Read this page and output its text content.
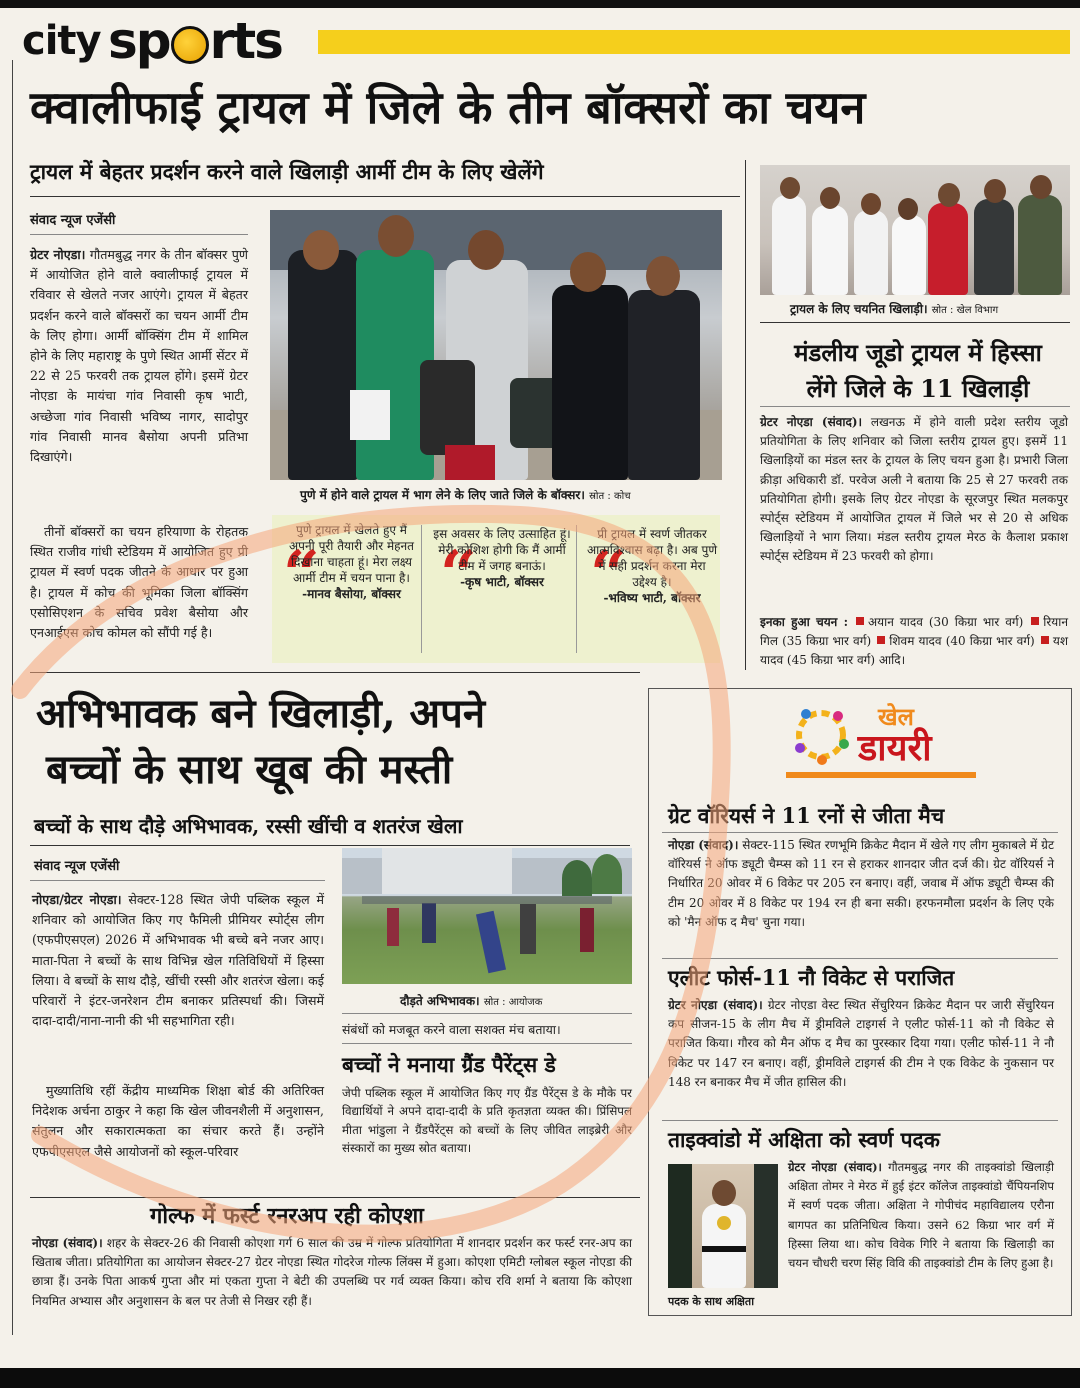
city sp rts
क्वालीफाई ट्रायल में जिले के तीन बॉक्सरों का चयन
ट्रायल में बेहतर प्रदर्शन करने वाले खिलाड़ी आर्मी टीम के लिए खेलेंगे
संवाद न्यूज एजेंसी
ग्रेटर नोएडा। गौतमबुद्ध नगर के तीन बॉक्सर पुणे में आयोजित होने वाले क्वालीफाई ट्रायल में रविवार से खेलते नजर आएंगे। ट्रायल में बेहतर प्रदर्शन करने वाले बॉक्सरों का चयन आर्मी टीम के लिए होगा। आर्मी बॉक्सिंग टीम में शामिल होने के लिए महाराष्ट्र के पुणे स्थित आर्मी सेंटर में 22 से 25 फरवरी तक ट्रायल होंगे। इसमें ग्रेटर नोएडा के मायंचा गांव निवासी कृष भाटी, अच्छेजा गांव निवासी भविष्य नागर, सादोपुर गांव निवासी मानव बैसोया अपनी प्रतिभा दिखाएंगे।
तीनों बॉक्सरों का चयन हरियाणा के रोहतक स्थित राजीव गांधी स्टेडियम में आयोजित हुए प्री ट्रायल में स्वर्ण पदक जीतने के आधार पर हुआ है। ट्रायल में कोच की भूमिका जिला बॉक्सिंग एसोसिएशन के सचिव प्रवेश बैसोया और एनआईएस कोच कोमल को सौंपी गई है।
पुणे में होने वाले ट्रायल में भाग लेने के लिए जाते जिले के बॉक्सर। स्रोत : कोच
“
पुणे ट्रायल में खेलते हुए मैं अपनी पूरी तैयारी और मेहनत दिखाना चाहता हूं। मेरा लक्ष्य आर्मी टीम में चयन पाना है। -मानव बैसोया, बॉक्सर “
इस अवसर के लिए उत्साहित हूं। मेरी कोशिश होगी कि मैं आर्मी टीम में जगह बनाऊं।
-कृष भाटी, बॉक्सर “
प्री ट्रायल में स्वर्ण जीतकर आत्मविश्वास बढ़ा है। अब पुणे में सही प्रदर्शन करना मेरा उद्देश्य है।
-भविष्य भाटी, बॉक्सर
ट्रायल के लिए चयनित खिलाड़ी। स्रोत : खेल विभाग
मंडलीय जूडो ट्रायल में हिस्सा
लेंगे जिले के 11 खिलाड़ी
ग्रेटर नोएडा (संवाद)। लखनऊ में होने वाली प्रदेश स्तरीय जूडो प्रतियोगिता के लिए शनिवार को जिला स्तरीय ट्रायल हुए। इसमें 11 खिलाड़ियों का मंडल स्तर के ट्रायल के लिए चयन हुआ है। प्रभारी जिला क्रीड़ा अधिकारी डॉ. परवेज अली ने बताया कि 25 से 27 फरवरी तक प्रतियोगिता होगी। इसके लिए ग्रेटर नोएडा के सूरजपुर स्थित मलकपुर स्पोर्ट्स स्टेडियम में आयोजित ट्रायल में जिले भर से 20 से अधिक खिलाड़ियों ने भाग लिया। मंडल स्तरीय ट्रायल मेरठ के कैलाश प्रकाश स्पोर्ट्स स्टेडियम में 23 फरवरी को होगा।
इनका हुआ चयन : अयान यादव (30 किग्रा भार वर्ग) रियान गिल (35 किग्रा भार वर्ग) शिवम यादव (40 किग्रा भार वर्ग) यश यादव (45 किग्रा भार वर्ग) आदि।
अभिभावक बने खिलाड़ी, अपने
बच्चों के साथ खूब की मस्ती
बच्चों के साथ दौड़े अभिभावक, रस्सी खींची व शतरंज खेला
संवाद न्यूज एजेंसी
नोएडा/ग्रेटर नोएडा। सेक्टर-128 स्थित जेपी पब्लिक स्कूल में शनिवार को आयोजित किए गए फैमिली प्रीमियर स्पोर्ट्स लीग (एफपीएसएल) 2026 में अभिभावक भी बच्चे बने नजर आए। माता-पिता ने बच्चों के साथ विभिन्न खेल गतिविधियों में हिस्सा लिया। वे बच्चों के साथ दौड़े, खींची रस्सी और शतरंज खेला। कई परिवारों ने इंटर-जनरेशन टीम बनाकर प्रतिस्पर्धा की। जिसमें दादा-दादी/नाना-नानी की भी सहभागिता रही।
मुख्यातिथि रहीं केंद्रीय माध्यमिक शिक्षा बोर्ड की अतिरिक्त निदेशक अर्चना ठाकुर ने कहा कि खेल जीवनशैली में अनुशासन, संतुलन और सकारात्मकता का संचार करते हैं। उन्होंने एफपीएसएल जैसे आयोजनों को स्कूल-परिवार
दौड़ते अभिभावक। स्रोत : आयोजक
संबंधों को मजबूत करने वाला सशक्त मंच बताया।
बच्चों ने मनाया ग्रैंड पैरेंट्स डे
जेपी पब्लिक स्कूल में आयोजित किए गए ग्रैंड पैरेंट्स डे के मौके पर विद्यार्थियों ने अपने दादा-दादी के प्रति कृतज्ञता व्यक्त की। प्रिंसिपल मीता भांडुला ने ग्रैंडपैरेंट्स को बच्चों के लिए जीवित लाइब्रेरी और संस्कारों का मुख्य स्रोत बताया।
गोल्फ में फर्स्ट रनरअप रही कोएशा
नोएडा (संवाद)। शहर के सेक्टर-26 की निवासी कोएशा गर्ग 6 साल की उम्र में गोल्फ प्रतियोगिता में शानदार प्रदर्शन कर फर्स्ट रनर-अप का खिताब जीता। प्रतियोगिता का आयोजन सेक्टर-27 ग्रेटर नोएडा स्थित गोदरेज गोल्फ लिंक्स में हुआ। कोएशा एमिटी ग्लोबल स्कूल नोएडा की छात्रा हैं। उनके पिता आकर्ष गुप्ता और मां एकता गुप्ता ने बेटी की उपलब्धि पर गर्व व्यक्त किया। कोच रवि शर्मा ने बताया कि कोएशा नियमित अभ्यास और अनुशासन के बल पर तेजी से निखर रही हैं।
खेल
डायरी
ग्रेट वॉरियर्स ने 11 रनों से जीता मैच
नोएडा (संवाद)। सेक्टर-115 स्थित रणभूमि क्रिकेट मैदान में खेले गए लीग मुकाबले में ग्रेट वॉरियर्स ने ऑफ ड्यूटी चैम्प्स को 11 रन से हराकर शानदार जीत दर्ज की। ग्रेट वॉरियर्स ने निर्धारित 20 ओवर में 6 विकेट पर 205 रन बनाए। वहीं, जवाब में ऑफ ड्यूटी चैम्प्स की टीम 20 ओवर में 8 विकेट पर 194 रन ही बना सकी। हरफनमौला प्रदर्शन के लिए एके को 'मैन ऑफ द मैच' चुना गया।
एलीट फोर्स-11 नौ विकेट से पराजित
ग्रेटर नोएडा (संवाद)। ग्रेटर नोएडा वेस्ट स्थित सेंचुरियन क्रिकेट मैदान पर जारी सेंचुरियन कप सीजन-15 के लीग मैच में ड्रीमविले टाइगर्स ने एलीट फोर्स-11 को नौ विकेट से पराजित किया। गौरव को मैन ऑफ द मैच का पुरस्कार दिया गया। एलीट फोर्स-11 ने नौ विकेट पर 147 रन बनाए। वहीं, ड्रीमविले टाइगर्स की टीम ने एक विकेट के नुकसान पर 148 रन बनाकर मैच में जीत हासिल की।
ताइक्वांडो में अक्षिता को स्वर्ण पदक
पदक के साथ अक्षिता
ग्रेटर नोएडा (संवाद)। गौतमबुद्ध नगर की ताइक्वांडो खिलाड़ी अक्षिता तोमर ने मेरठ में हुई इंटर कॉलेज ताइक्वांडो चैंपियनशिप में स्वर्ण पदक जीता। अक्षिता ने गोपीचंद महाविद्यालय एरौना बागपत का प्रतिनिधित्व किया। उसने 62 किग्रा भार वर्ग में हिस्सा लिया था। कोच विवेक गिरि ने बताया कि खिलाड़ी का चयन चौधरी चरण सिंह विवि की ताइक्वांडो टीम के लिए हुआ है।
